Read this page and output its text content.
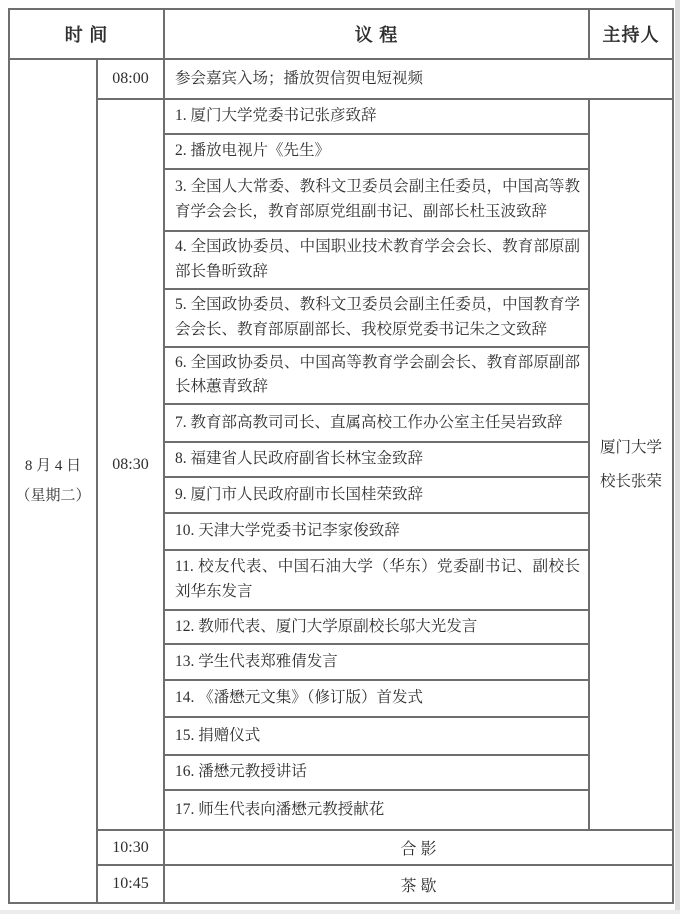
时 间		议 程	主持人

8 月 4 日
（星期二）	08:00	参会嘉宾入场；播放贺信贺电短视频	
	08:30	1. 厦门大学党委书记张彦致辞	厦门大学
校长张荣

		2. 播放电视片《先生》	
		3. 全国人大常委、教科文卫委员会副主任委员，中国高等教育学会会长，教育部原党组副书记、副部长杜玉波致辞	
		4. 全国政协委员、中国职业技术教育学会会长、教育部原副部长鲁昕致辞	
		5. 全国政协委员、教科文卫委员会副主任委员，中国教育学会会长、教育部原副部长、我校原党委书记朱之文致辞	
		6. 全国政协委员、中国高等教育学会副会长、教育部原副部长林蕙青致辞	
		7. 教育部高教司司长、直属高校工作办公室主任吴岩致辞	
		8. 福建省人民政府副省长林宝金致辞	
		9. 厦门市人民政府副市长国桂荣致辞	
		10. 天津大学党委书记李家俊致辞	
		11. 校友代表、中国石油大学（华东）党委副书记、副校长刘华东发言	
		12. 教师代表、厦门大学原副校长邬大光发言	
		13. 学生代表郑雅倩发言	
		14. 《潘懋元文集》（修订版）首发式	
		15. 捐赠仪式	
		16. 潘懋元教授讲话	
		17. 师生代表向潘懋元教授献花	
	10:30	合 影	
	10:45	茶 歇	
